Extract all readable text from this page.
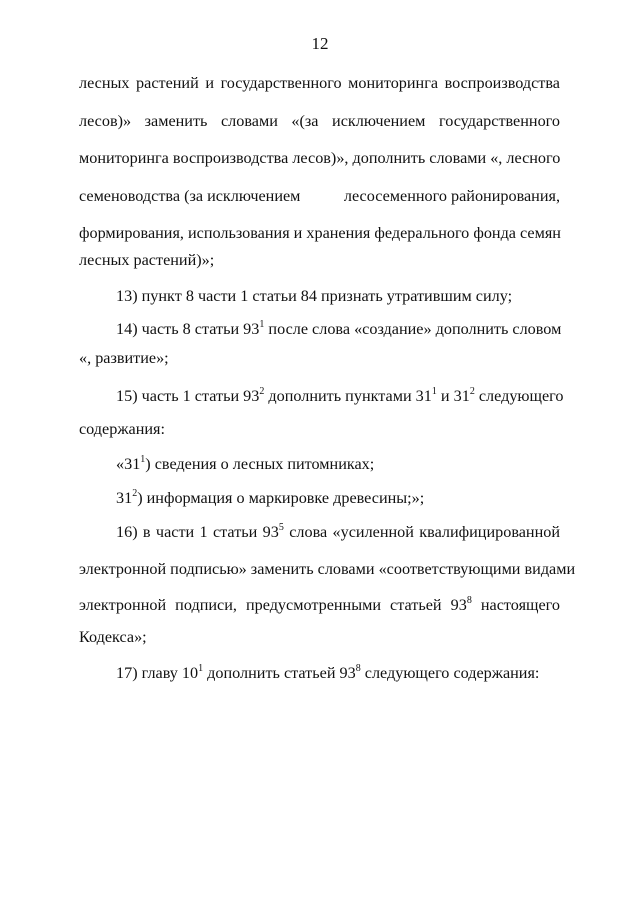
12
лесных растений и государственного мониторинга воспроизводства
лесов)» заменить словами «(за исключением государственного
мониторинга воспроизводства лесов)», дополнить словами «, лесного
семеноводства (за исключением	лесосеменного районирования,
формирования, использования и хранения федерального фонда семян
лесных растений)»;
13) пункт 8 части 1 статьи 84 признать утратившим силу;
14) часть 8 статьи $93^1$ после слова «создание» дополнить словом
«, развитие»;
15) часть 1 статьи $93^2$ дополнить пунктами $31^1$ и $31^2$ следующего
содержания:
«$31^1$) сведения о лесных питомниках;
$31^2$) информация о маркировке древесины;»;
16) в части 1 статьи $93^5$ слова «усиленной квалифицированной
электронной подписью» заменить словами «соответствующими видами
электронной подписи, предусмотренными статьей $93^8$ настоящего
Кодекса»;
17) главу $10^1$ дополнить статьей $93^8$ следующего содержания:
